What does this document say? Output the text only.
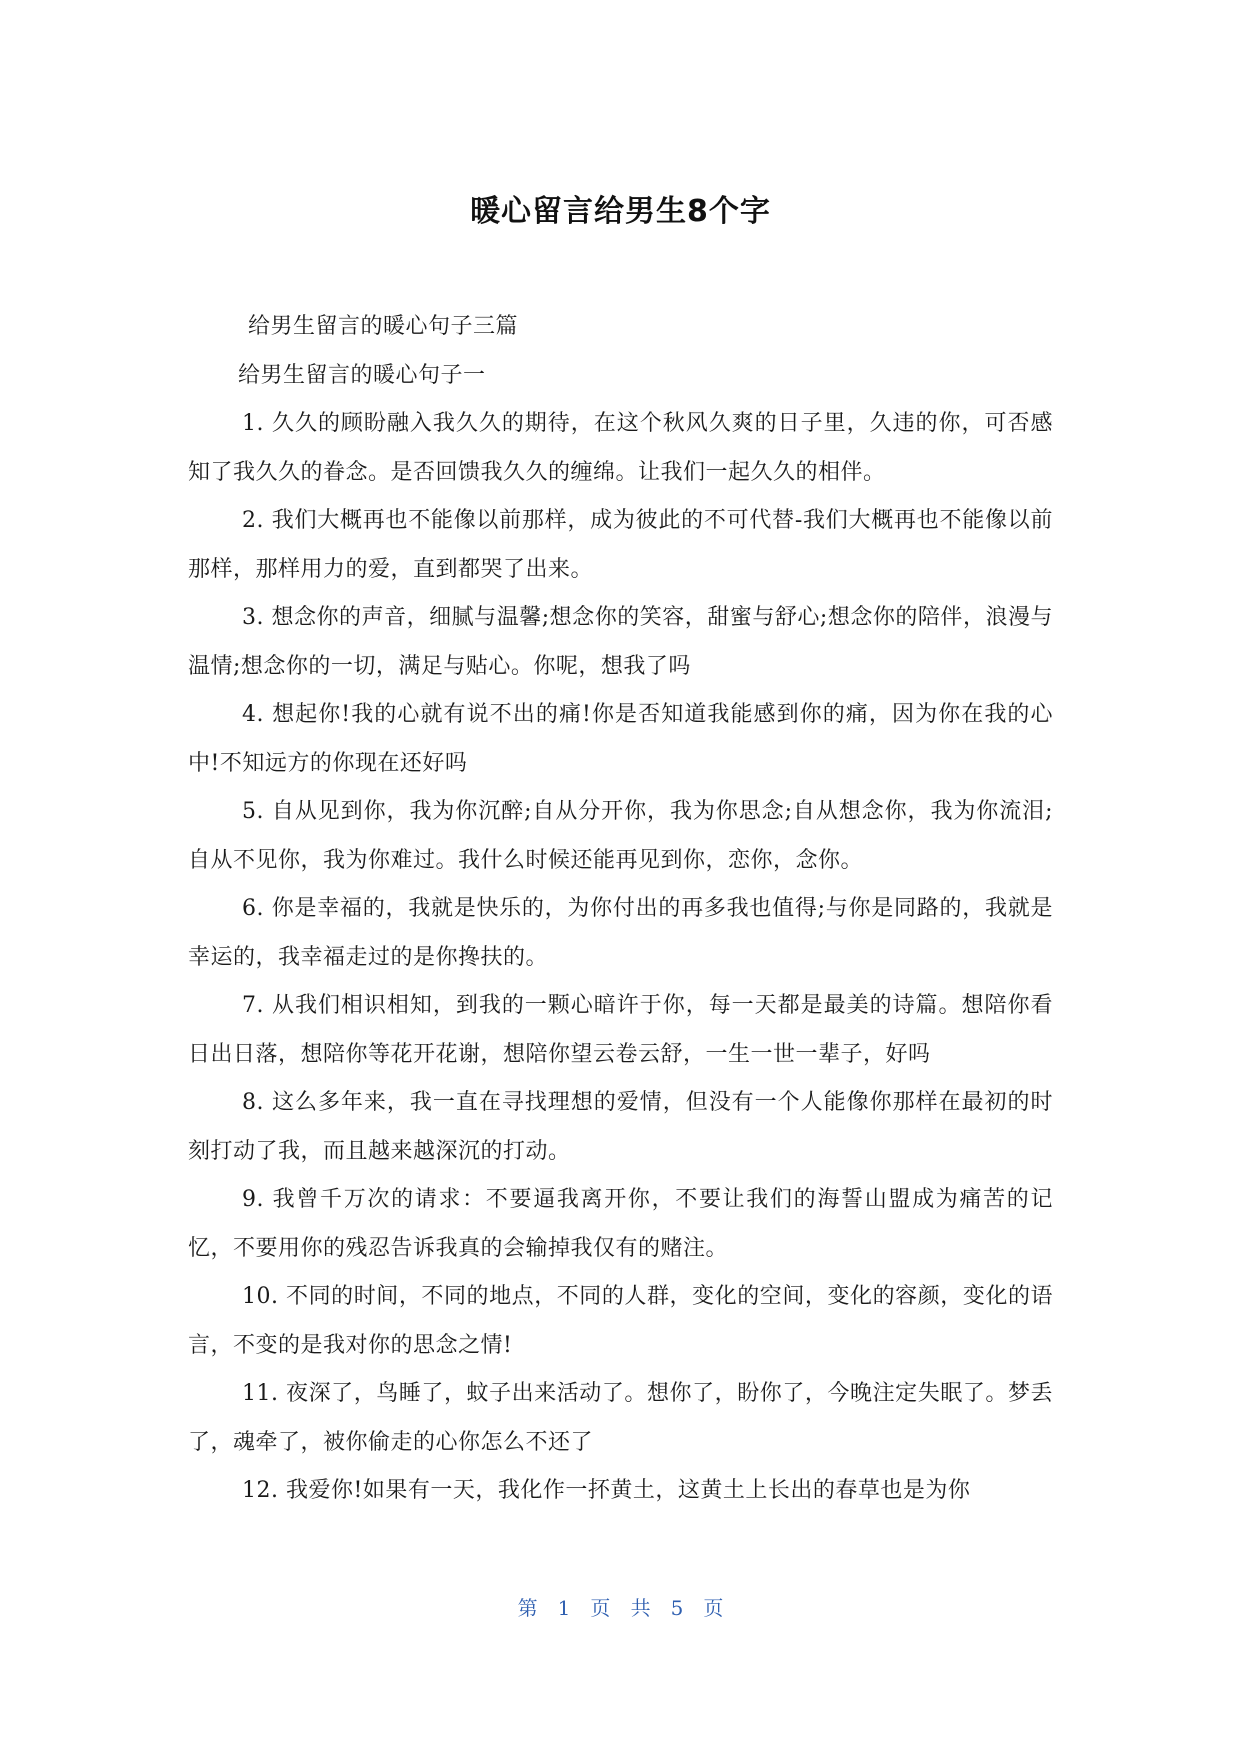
暖心留言给男生8个字

给男生留言的暖心句子三篇

给男生留言的暖心句子一

1. 久久的顾盼融入我久久的期待，在这个秋风久爽的日子里，久违的你，可否感知了我久久的眷念。是否回馈我久久的缠绵。让我们一起久久的相伴。

2. 我们大概再也不能像以前那样，成为彼此的不可代替-我们大概再也不能像以前那样，那样用力的爱，直到都哭了出来。

3. 想念你的声音，细腻与温馨;想念你的笑容，甜蜜与舒心;想念你的陪伴，浪漫与温情;想念你的一切，满足与贴心。你呢，想我了吗

4. 想起你!我的心就有说不出的痛!你是否知道我能感到你的痛，因为你在我的心中!不知远方的你现在还好吗

5. 自从见到你，我为你沉醉;自从分开你，我为你思念;自从想念你，我为你流泪;自从不见你，我为你难过。我什么时候还能再见到你，恋你，念你。

6. 你是幸福的，我就是快乐的，为你付出的再多我也值得;与你是同路的，我就是幸运的，我幸福走过的是你搀扶的。

7. 从我们相识相知，到我的一颗心暗许于你，每一天都是最美的诗篇。想陪你看日出日落，想陪你等花开花谢，想陪你望云卷云舒，一生一世一辈子，好吗

8. 这么多年来，我一直在寻找理想的爱情，但没有一个人能像你那样在最初的时刻打动了我，而且越来越深沉的打动。

9. 我曾千万次的请求：不要逼我离开你，不要让我们的海誓山盟成为痛苦的记忆，不要用你的残忍告诉我真的会输掉我仅有的赌注。

10. 不同的时间，不同的地点，不同的人群，变化的空间，变化的容颜，变化的语言，不变的是我对你的思念之情!

11. 夜深了，鸟睡了，蚊子出来活动了。想你了，盼你了，今晚注定失眠了。梦丢了，魂牵了，被你偷走的心你怎么不还了

12. 我爱你!如果有一天，我化作一抔黄土，这黄土上长出的春草也是为你

第 1 页 共 5 页
